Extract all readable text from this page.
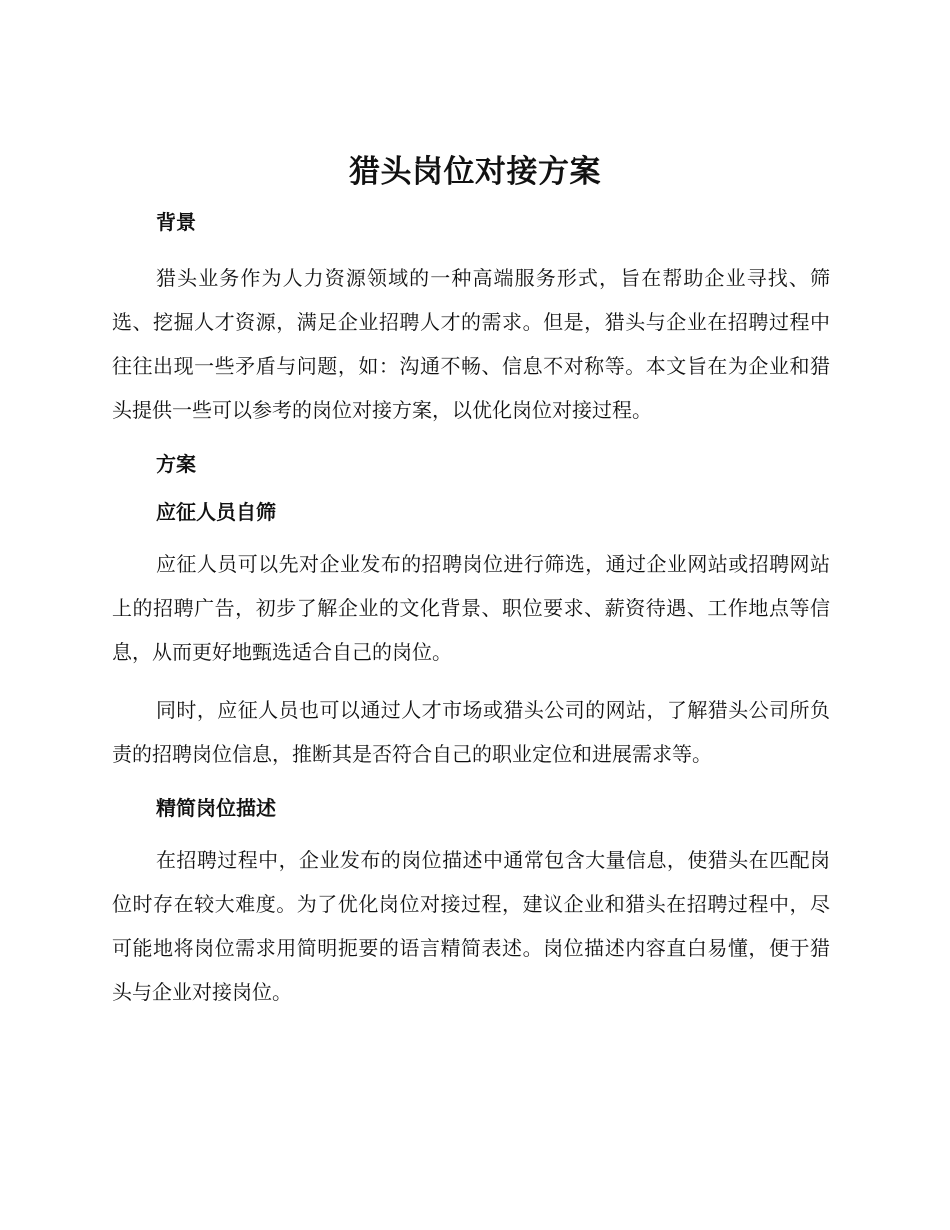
猎头岗位对接方案

背景

猎头业务作为人力资源领域的一种高端服务形式，旨在帮助企业寻找、筛选、挖掘人才资源，满足企业招聘人才的需求。但是，猎头与企业在招聘过程中往往出现一些矛盾与问题，如：沟通不畅、信息不对称等。本文旨在为企业和猎头提供一些可以参考的岗位对接方案，以优化岗位对接过程。

方案

应征人员自筛

应征人员可以先对企业发布的招聘岗位进行筛选，通过企业网站或招聘网站上的招聘广告，初步了解企业的文化背景、职位要求、薪资待遇、工作地点等信息，从而更好地甄选适合自己的岗位。

同时，应征人员也可以通过人才市场或猎头公司的网站，了解猎头公司所负责的招聘岗位信息，推断其是否符合自己的职业定位和进展需求等。

精简岗位描述

在招聘过程中，企业发布的岗位描述中通常包含大量信息，使猎头在匹配岗位时存在较大难度。为了优化岗位对接过程，建议企业和猎头在招聘过程中，尽可能地将岗位需求用简明扼要的语言精简表述。岗位描述内容直白易懂，便于猎头与企业对接岗位。
